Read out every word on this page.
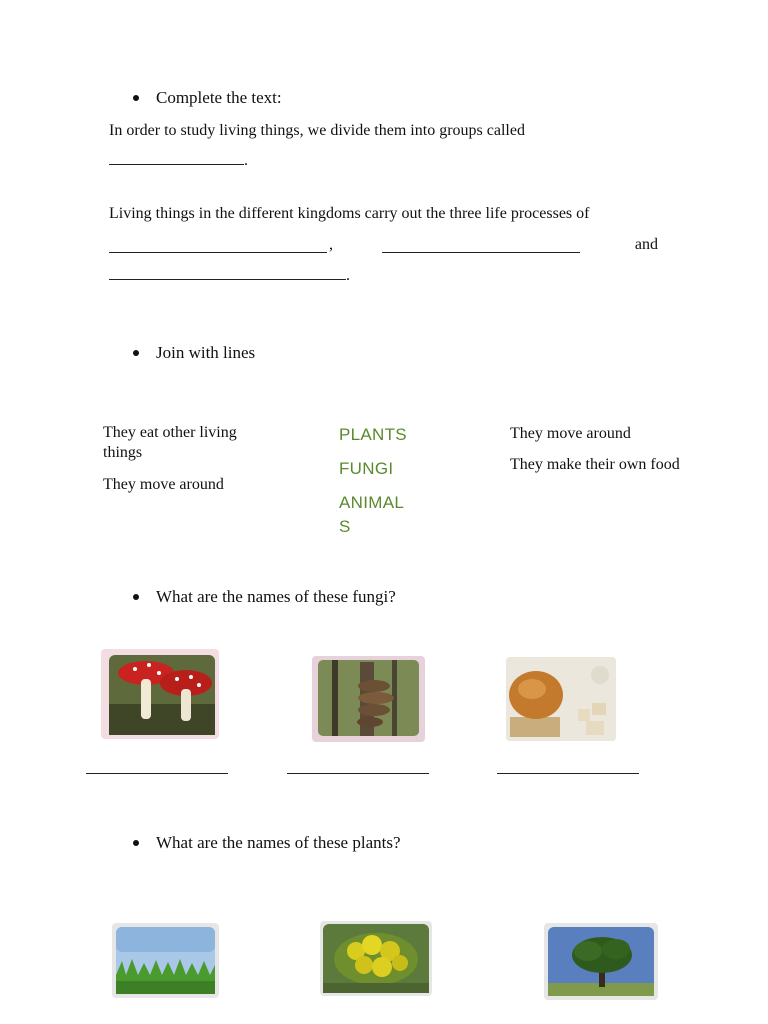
Complete the text:
In order to study living things, we divide them into groups called
.
Living things in the different kingdoms carry out the three life processes of
,	and
.
Join with lines
They eat other living things
They move around
PLANTS
FUNGI
ANIMAL
S
They move around
They make their own food
What are the names of these fungi?
What are the names of these plants?
